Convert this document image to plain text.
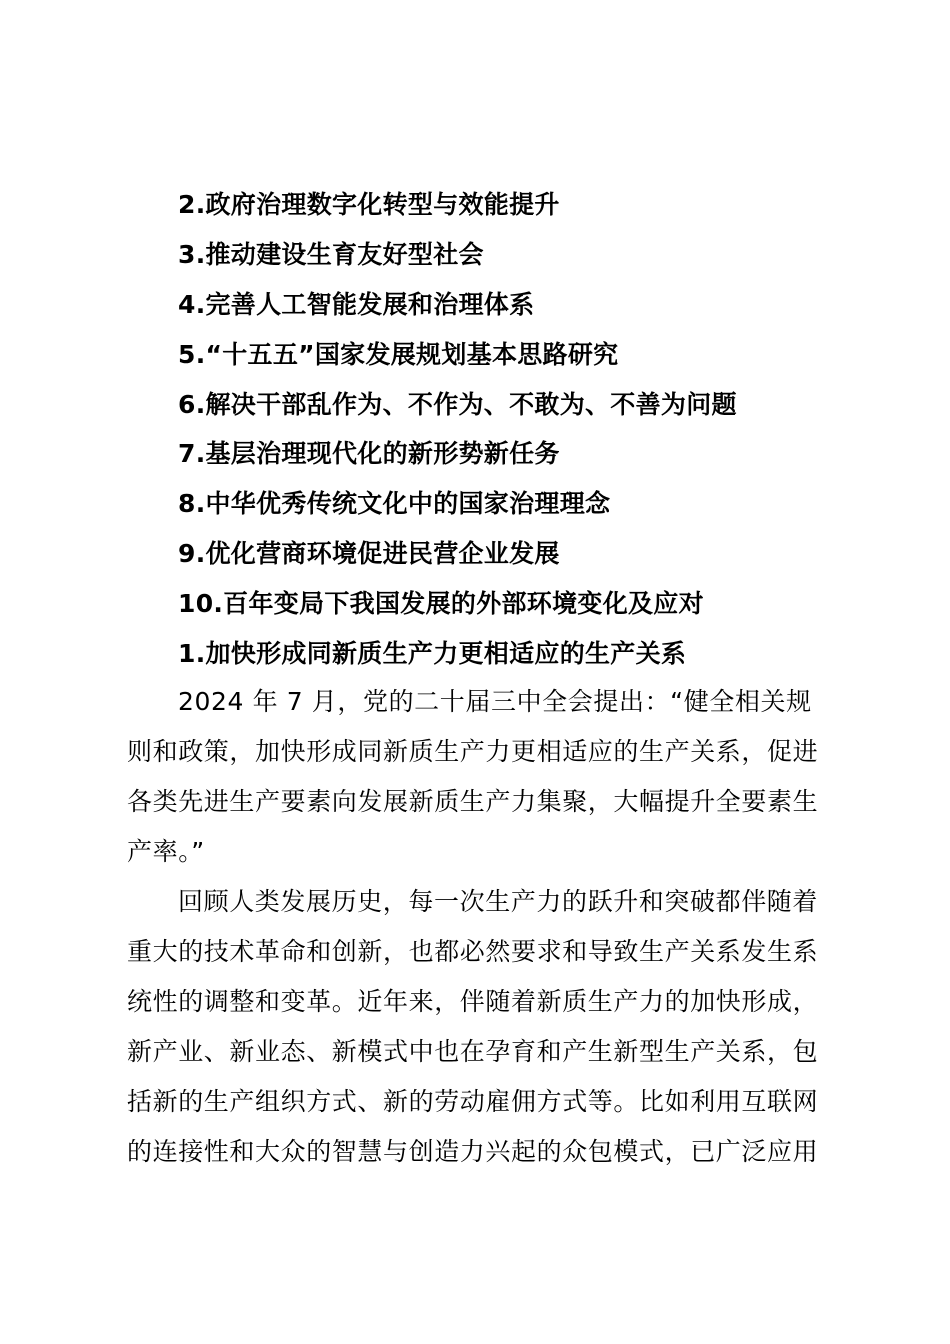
2.政府治理数字化转型与效能提升
3.推动建设生育友好型社会
4.完善人工智能发展和治理体系
5.“十五五”国家发展规划基本思路研究
6.解决干部乱作为、不作为、不敢为、不善为问题
7.基层治理现代化的新形势新任务
8.中华优秀传统文化中的国家治理理念
9.优化营商环境促进民营企业发展
10.百年变局下我国发展的外部环境变化及应对
1.加快形成同新质生产力更相适应的生产关系
2024 年 7 月，党的二十届三中全会提出：“健全相关规
则和政策，加快形成同新质生产力更相适应的生产关系，促进
各类先进生产要素向发展新质生产力集聚，大幅提升全要素生
产率。”
回顾人类发展历史，每一次生产力的跃升和突破都伴随着
重大的技术革命和创新，也都必然要求和导致生产关系发生系
统性的调整和变革。近年来，伴随着新质生产力的加快形成，
新产业、新业态、新模式中也在孕育和产生新型生产关系，包
括新的生产组织方式、新的劳动雇佣方式等。比如利用互联网
的连接性和大众的智慧与创造力兴起的众包模式，已广泛应用
